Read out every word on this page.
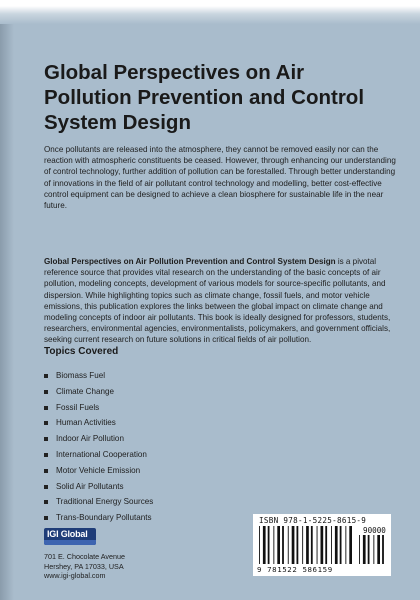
Global Perspectives on Air Pollution Prevention and Control System Design

Once pollutants are released into the atmosphere, they cannot be removed easily nor can the reaction with atmospheric constituents be ceased. However, through enhancing our understanding of control technology, further addition of pollution can be forestalled. Through better understanding of innovations in the field of air pollutant control technology and modelling, better cost-effective control equipment can be designed to achieve a clean biosphere for sustainable life in the near future.

Global Perspectives on Air Pollution Prevention and Control System Design is a pivotal reference source that provides vital research on the understanding of the basic concepts of air pollution, modeling concepts, development of various models for source-specific pollutants, and dispersion. While highlighting topics such as climate change, fossil fuels, and motor vehicle emissions, this publication explores the links between the global impact on climate change and modeling concepts of indoor air pollutants. This book is ideally designed for professors, students, researchers, environmental agencies, environmentalists, policymakers, and government officials, seeking current research on future solutions in critical fields of air pollution.

Topics Covered
Biomass Fuel
Climate Change
Fossil Fuels
Human Activities
Indoor Air Pollution
International Cooperation
Motor Vehicle Emission
Solid Air Pollutants
Traditional Energy Sources
Trans-Boundary Pollutants
IGI Global
701 E. Chocolate Avenue
Hershey, PA 17033, USA
www.igi-global.com
ISBN 978-1-5225-8615-9
90000
9 781522 586159
